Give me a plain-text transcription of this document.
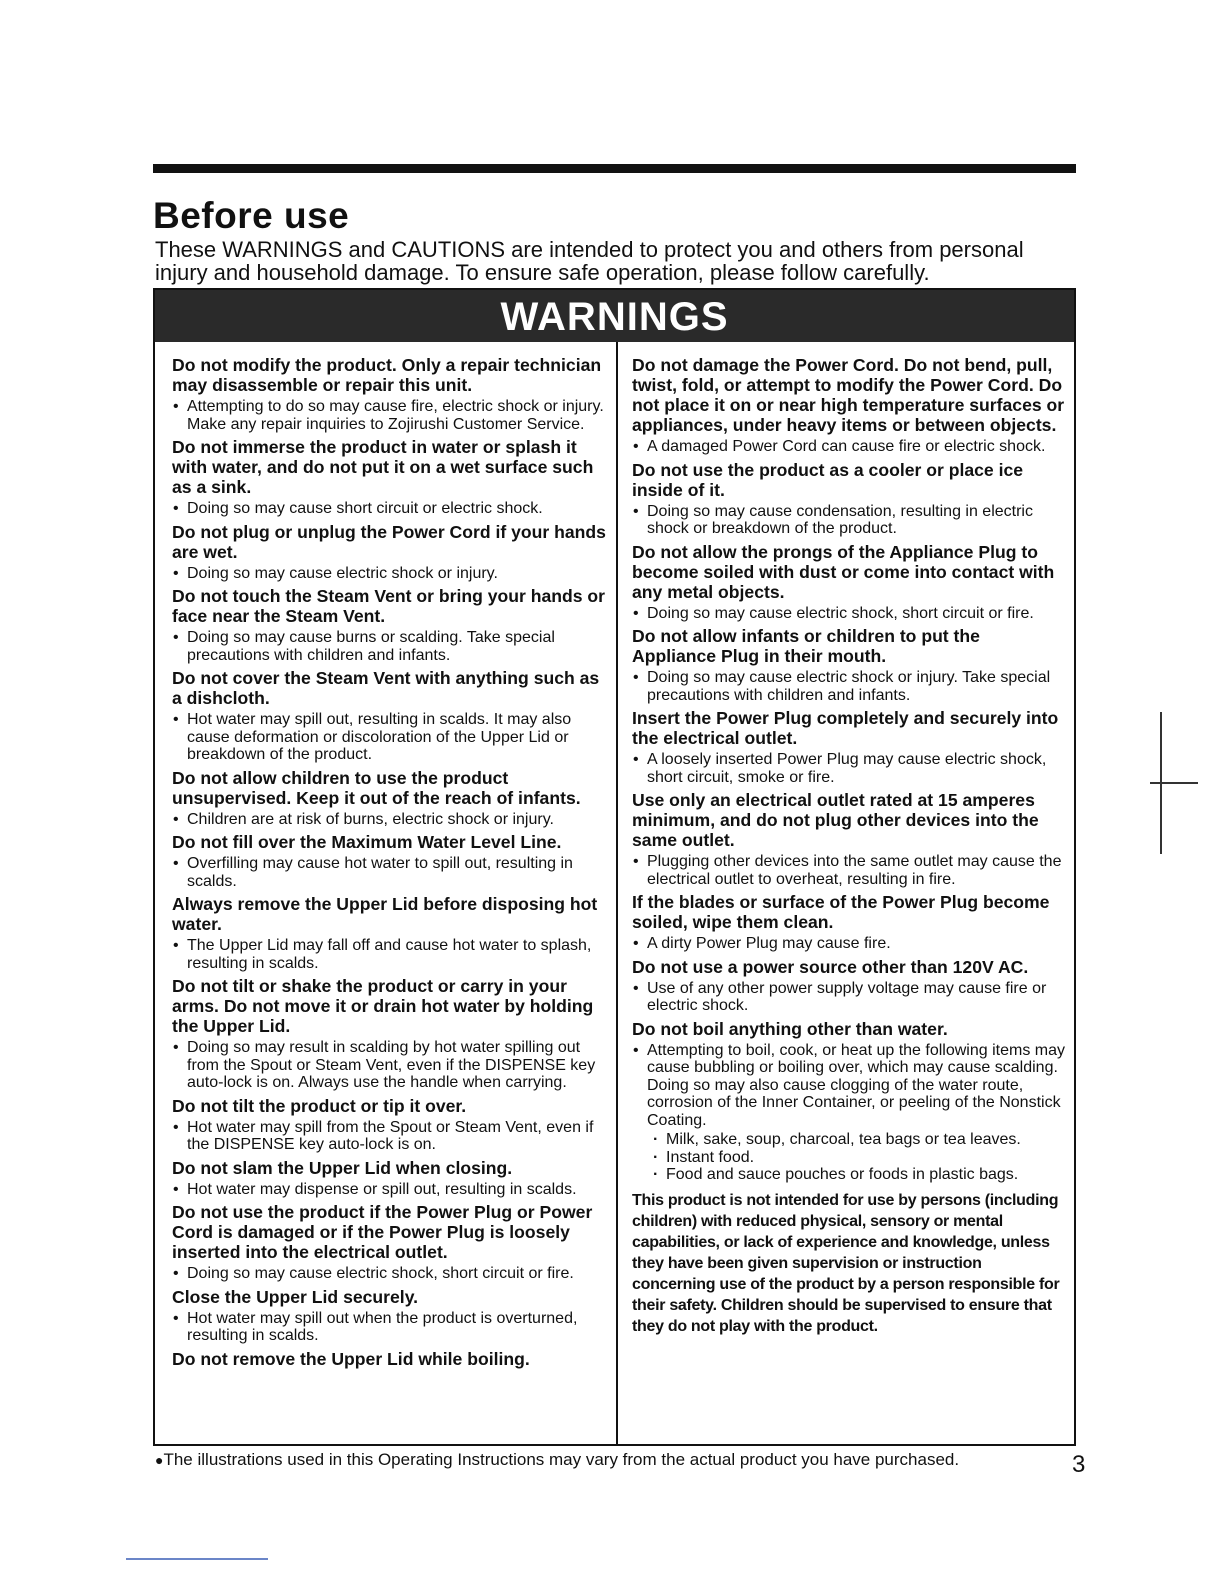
Before use

These WARNINGS and CAUTIONS are intended to protect you and others from personal injury and household damage. To ensure safe operation, please follow carefully.

WARNINGS
Do not modify the product. Only a repair technician may disassemble or repair this unit.
• Attempting to do so may cause fire, electric shock or injury. Make any repair inquiries to Zojirushi Customer Service.
Do not immerse the product in water or splash it with water, and do not put it on a wet surface such as a sink.
• Doing so may cause short circuit or electric shock.
Do not plug or unplug the Power Cord if your hands are wet.
• Doing so may cause electric shock or injury.
Do not touch the Steam Vent or bring your hands or face near the Steam Vent.
• Doing so may cause burns or scalding. Take special precautions with children and infants.
Do not cover the Steam Vent with anything such as a dishcloth.
• Hot water may spill out, resulting in scalds. It may also cause deformation or discoloration of the Upper Lid or breakdown of the product.
Do not allow children to use the product unsupervised. Keep it out of the reach of infants.
• Children are at risk of burns, electric shock or injury.
Do not fill over the Maximum Water Level Line.
• Overfilling may cause hot water to spill out, resulting in scalds.
Always remove the Upper Lid before disposing hot water.
• The Upper Lid may fall off and cause hot water to splash, resulting in scalds.
Do not tilt or shake the product or carry in your arms. Do not move it or drain hot water by holding the Upper Lid.
• Doing so may result in scalding by hot water spilling out from the Spout or Steam Vent, even if the DISPENSE key auto-lock is on. Always use the handle when carrying.
Do not tilt the product or tip it over.
• Hot water may spill from the Spout or Steam Vent, even if the DISPENSE key auto-lock is on.
Do not slam the Upper Lid when closing.
• Hot water may dispense or spill out, resulting in scalds.
Do not use the product if the Power Plug or Power Cord is damaged or if the Power Plug is loosely inserted into the electrical outlet.
• Doing so may cause electric shock, short circuit or fire.
Close the Upper Lid securely.
• Hot water may spill out when the product is overturned, resulting in scalds.
Do not remove the Upper Lid while boiling.
Do not damage the Power Cord. Do not bend, pull, twist, fold, or attempt to modify the Power Cord. Do not place it on or near high temperature surfaces or appliances, under heavy items or between objects.
• A damaged Power Cord can cause fire or electric shock.
Do not use the product as a cooler or place ice inside of it.
• Doing so may cause condensation, resulting in electric shock or breakdown of the product.
Do not allow the prongs of the Appliance Plug to become soiled with dust or come into contact with any metal objects.
• Doing so may cause electric shock, short circuit or fire.
Do not allow infants or children to put the Appliance Plug in their mouth.
• Doing so may cause electric shock or injury. Take special precautions with children and infants.
Insert the Power Plug completely and securely into the electrical outlet.
• A loosely inserted Power Plug may cause electric shock, short circuit, smoke or fire.
Use only an electrical outlet rated at 15 amperes minimum, and do not plug other devices into the same outlet.
• Plugging other devices into the same outlet may cause the electrical outlet to overheat, resulting in fire.
If the blades or surface of the Power Plug become soiled, wipe them clean.
• A dirty Power Plug may cause fire.
Do not use a power source other than 120V AC.
• Use of any other power supply voltage may cause fire or electric shock.
Do not boil anything other than water.
• Attempting to boil, cook, or heat up the following items may cause bubbling or boiling over, which may cause scalding. Doing so may also cause clogging of the water route, corrosion of the Inner Container, or peeling of the Nonstick Coating.
· Milk, sake, soup, charcoal, tea bags or tea leaves.
· Instant food.
· Food and sauce pouches or foods in plastic bags.

This product is not intended for use by persons (including children) with reduced physical, sensory or mental capabilities, or lack of experience and knowledge, unless they have been given supervision or instruction concerning use of the product by a person responsible for their safety. Children should be supervised to ensure that they do not play with the product.

●The illustrations used in this Operating Instructions may vary from the actual product you have purchased.	3
